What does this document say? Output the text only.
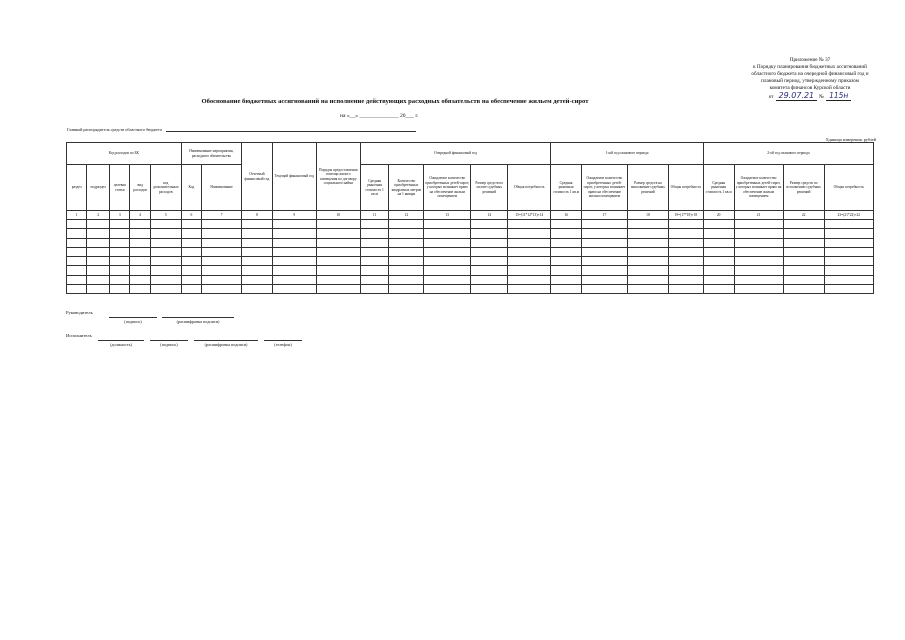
Приложение № 37
к Порядку планирования бюджетных ассигнований
областного бюджета на очередной финансовый год и
плановый период, утвержденному приказом
комитета финансов Курской области
от 29.07.21 № 115н
Обоснование бюджетных ассигнований на исполнение действующих расходных обязательств на обеспечение жильем детей-сирот
на «__» ______________ 20___ г.
Главный распорядитель средств областного бюджета
Единица измерения: рублей
Код расходов по БК					Наименование мероприятия, расходного обязательства		Отчетный финансовый год	Текущий финансовый год	Порядок предоставления помощи жилого помещения по договору социального найма	Очередной финансовый год					1-ый год планового периода				2-ой год планового периода			
раздел	подраздел	целевая статья	вид расходов	код дополнительных расходов						Средняя рыночная стоимость 1 кв.м	Количество приобретенных квадратных метров на 1 января	Ожидаемое количество приобретенных детей-сирот, у которых возникает право на обеспечение жилым помещением	Размер средств по оплате судебных решений	Общая потребность	Средняя рыночная стоимость 1 кв.м	Ожидаемое количество приобретенных детей-сирот, у которых возникает право на обеспечение жилым помещением	Размер средств на выполнение судебных решений	Общая потребность	Средняя рыночная стоимость 1 кв.м	Ожидаемое количество приобретенных детей-сирот, у которых возникает право на обеспечение жилым помещением	Размер средств по исполнению судебных решений	Общая потребность
					Код	Наименование																
1	2	3	4	5	6	7	8	9	10	11	12	13	14	15=(11*12*13)+14	16	17	18	19=(17*18)+18	20	21	22	23=(21*22)+22

Руководитель
(подпись)	(расшифровка подписи)
Исполнитель
(должность)	(подпись)	(расшифровка подписи)	(телефон)
